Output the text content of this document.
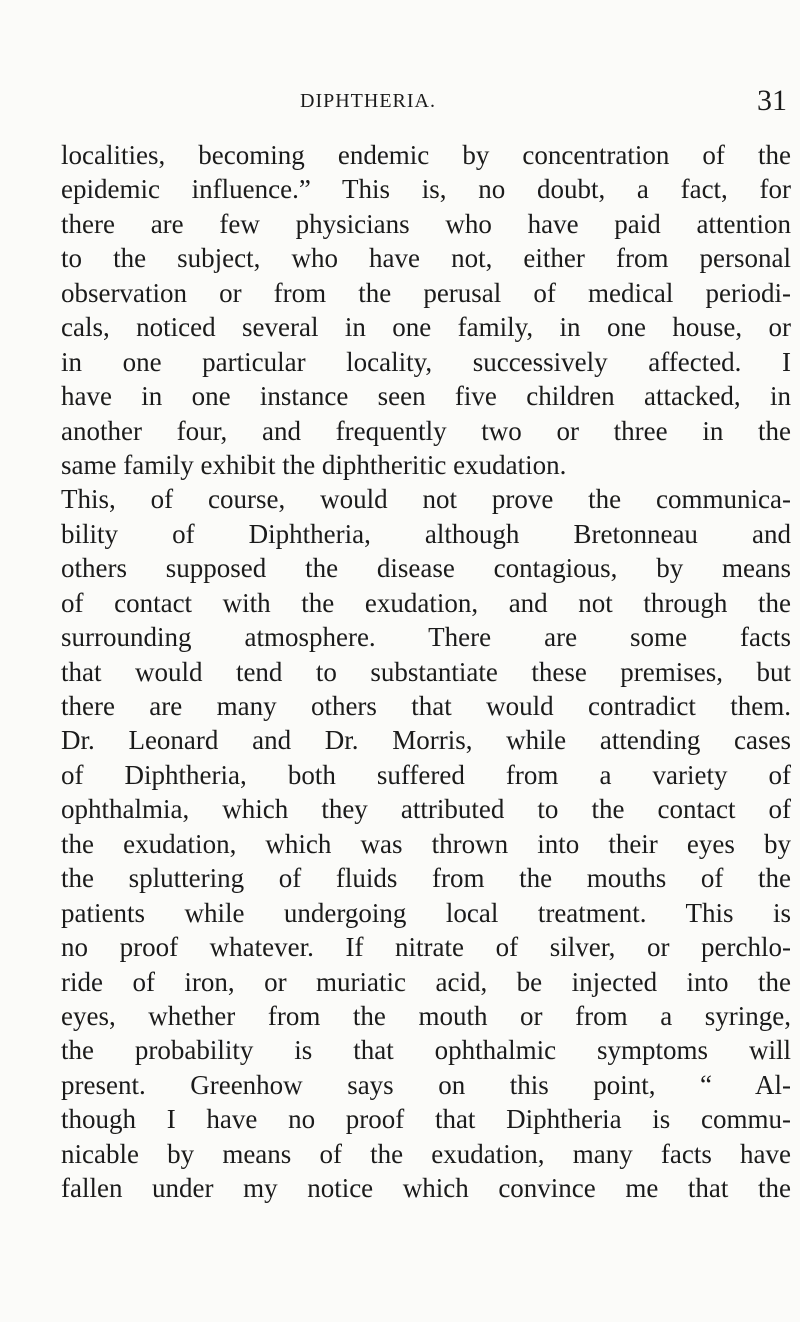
DIPHTHERIA.	31
localities, becoming endemic by concentration of the
epidemic influence.” This is, no doubt, a fact, for
there are few physicians who have paid attention
to the subject, who have not, either from personal
observation or from the perusal of medical periodi-
cals, noticed several in one family, in one house, or
in one particular locality, successively affected. I
have in one instance seen five children attacked, in
another four, and frequently two or three in the
same family exhibit the diphtheritic exudation.
This, of course, would not prove the communica-
bility of Diphtheria, although Bretonneau and
others supposed the disease contagious, by means
of contact with the exudation, and not through the
surrounding atmosphere. There are some facts
that would tend to substantiate these premises, but
there are many others that would contradict them.
Dr. Leonard and Dr. Morris, while attending cases
of Diphtheria, both suffered from a variety of
ophthalmia, which they attributed to the contact of
the exudation, which was thrown into their eyes by
the spluttering of fluids from the mouths of the
patients while undergoing local treatment. This is
no proof whatever. If nitrate of silver, or perchlo-
ride of iron, or muriatic acid, be injected into the
eyes, whether from the mouth or from a syringe,
the probability is that ophthalmic symptoms will
present. Greenhow says on this point, “ Al-
though I have no proof that Diphtheria is commu-
nicable by means of the exudation, many facts have
fallen under my notice which convince me that the
